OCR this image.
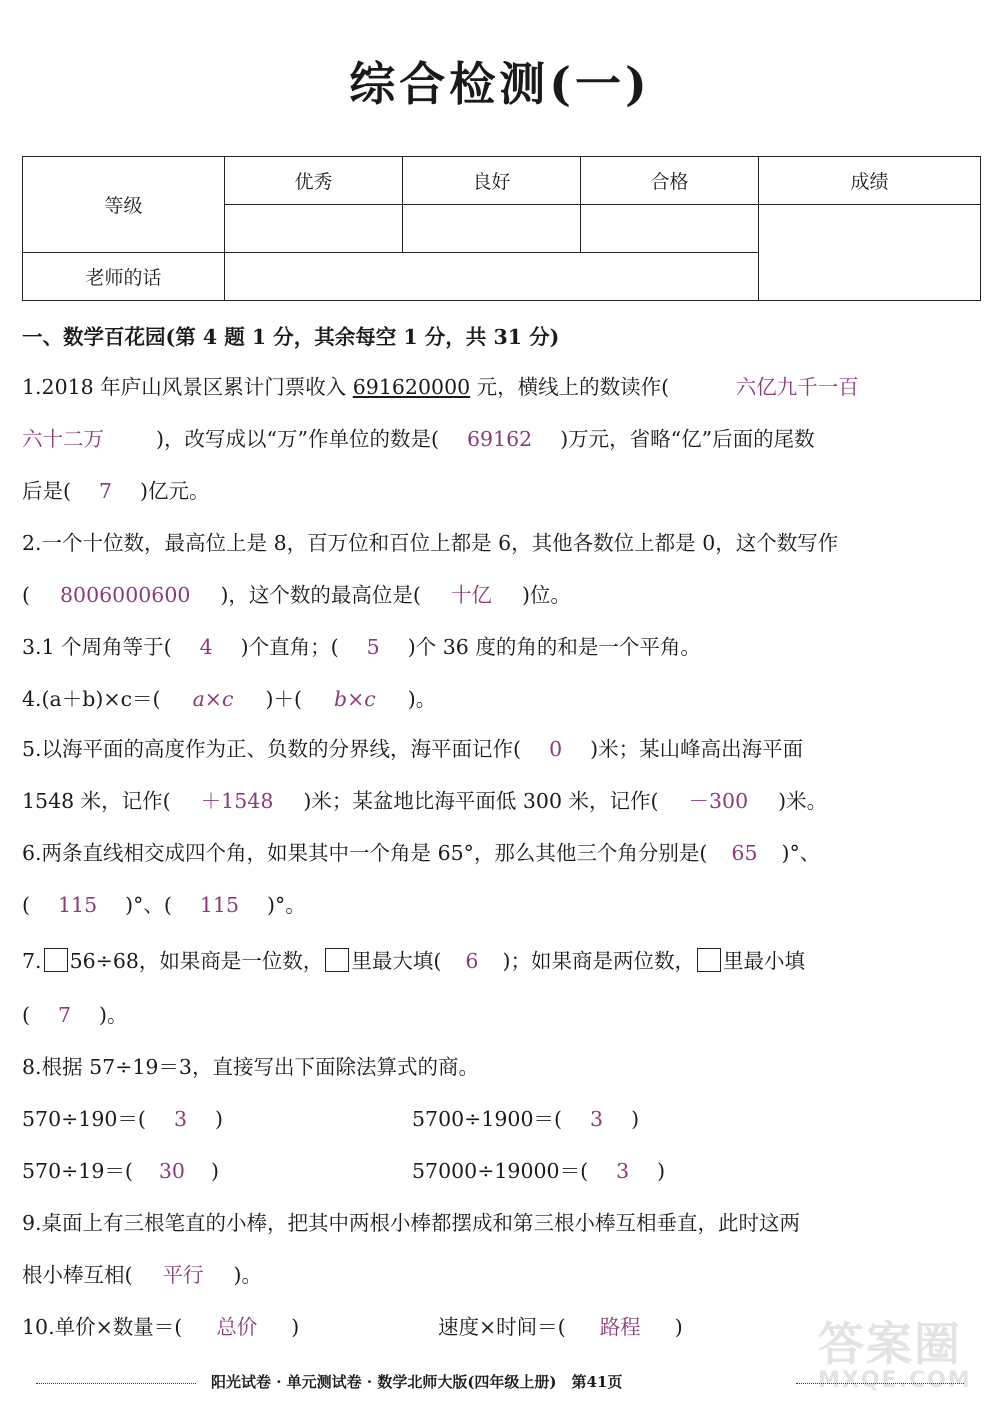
综合检测(一)
等级	优秀	良好	合格	成绩

老师的话				
一、数学百花园(第 4 题 1 分，其余每空 1 分，共 31 分)
1.2018 年庐山风景区累计门票收入 691620000 元，横线上的数读作(	六亿九千一百
六十二万	)，改写成以“万”作单位的数是( 69162 )万元，省略“亿”后面的尾数
后是( 7 )亿元。
2.一个十位数，最高位上是 8，百万位和百位上都是 6，其他各数位上都是 0，这个数写作
( 8006000600 )，这个数的最高位是( 十亿 )位。
3.1 个周角等于( 4 )个直角；( 5 )个 36 度的角的和是一个平角。
4.(a＋b)×c＝( a×c )＋( b×c )。
5.以海平面的高度作为正、负数的分界线，海平面记作( 0 )米；某山峰高出海平面
1548 米，记作( ＋1548 )米；某盆地比海平面低 300 米，记作( －300 )米。
6.两条直线相交成四个角，如果其中一个角是 65°，那么其他三个角分别是( 65 )°、
( 115 )°、( 115 )°。
7. 56÷68，如果商是一位数， 里最大填( 6 )；如果商是两位数， 里最小填
( 7 )。
8.根据 57÷19＝3，直接写出下面除法算式的商。
570÷190＝( 3 )	5700÷1900＝( 3 )
570÷19＝( 30 )	57000÷19000＝( 3 )
9.桌面上有三根笔直的小棒，把其中两根小棒都摆成和第三根小棒互相垂直，此时这两
根小棒互相( 平行 )。
10.单价×数量＝( 总价 )	速度×时间＝( 路程 )	答案圈
MXQE.COM
阳光试卷 · 单元测试卷 · 数学北师大版(四年级上册)　第41页
